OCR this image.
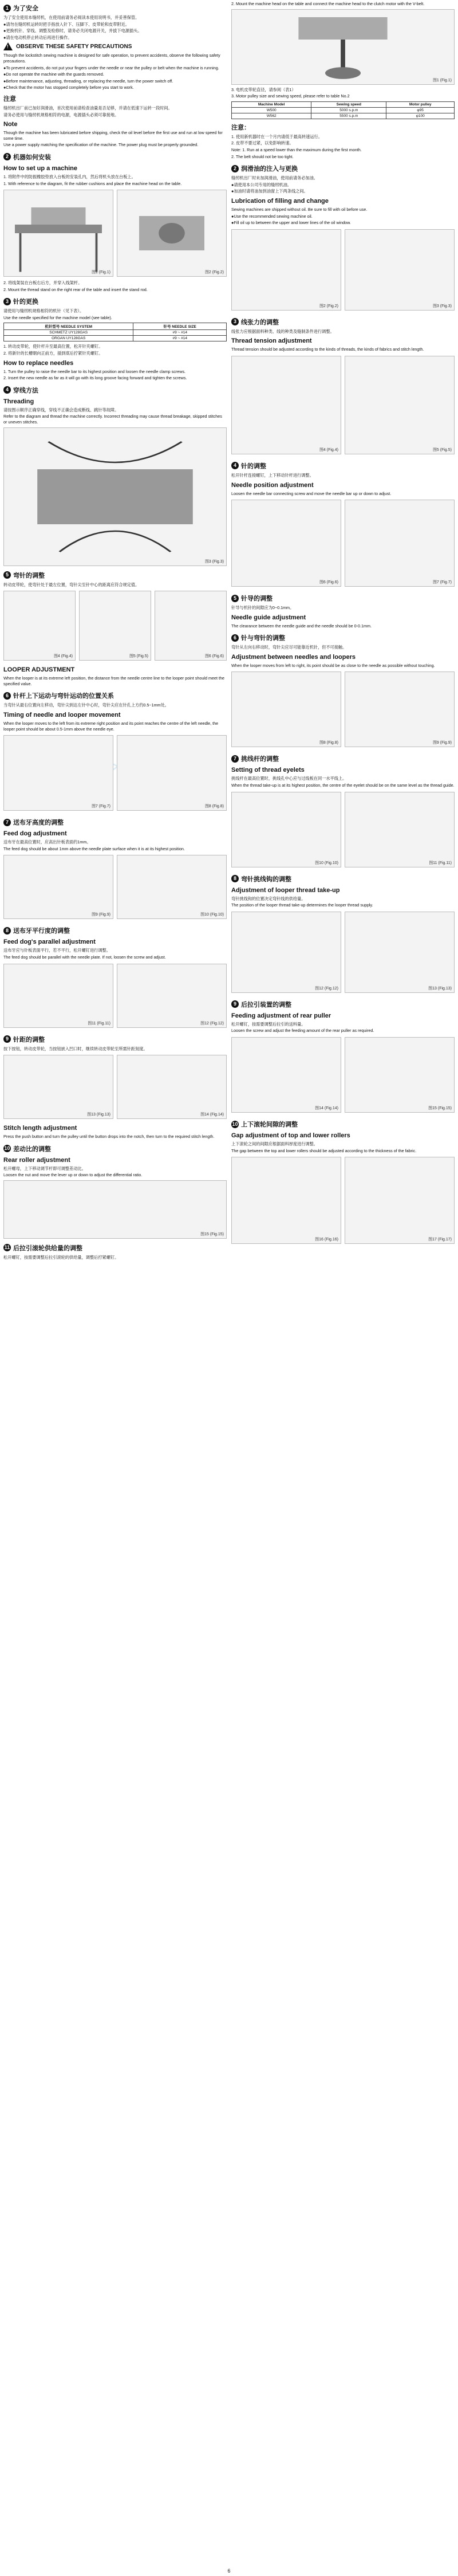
1 为了安全

为了安全使用本缝纫机，在使用前请务必阅读本使用说明书，并妥善保管。

●请勿在缝纫机运转时把手指放入针下、压脚下、皮带轮和皮带附近。

●更换机针、穿线、调整及检修时，请务必关闭电源开关，并拔下电源插头。

●请在电动机停止转动后再进行操作。

! OBSERVE THESE SAFETY PRECAUTIONS

Though the lockstitch sewing machine is designed for safe operation, to prevent accidents, observe the following safety precautions.

●To prevent accidents, do not put your fingers under the needle or near the pulley or belt when the machine is running.

●Do not operate the machine with the guards removed.

●Before maintenance, adjusting, threading, or replacing the needle, turn the power switch off.

●Check that the motor has stopped completely before you start to work.

注意

缝纫机出厂前已加好润滑油，首次使用前请检查油量是否足够，并请在低速下运转一段时间。

请务必使用与缝纫机规格相符的电源，电源插头必须可靠接地。

Note

Though the machine has been lubricated before shipping, check the oil level before the first use and run at low speed for some time.

Use a power supply matching the specification of the machine. The power plug must be properly grounded.

2 机器如何安装
How to set up a machine

1. 将附件中的防振橡胶垫放入台板的安装孔内，然后将机头放在台板上。

1. With reference to the diagram, fit the rubber cushions and place the machine head on the table.

图1 (Fig.1)	图2 (Fig.2)

2. 将线架装在台板右后方，并穿入线架杆。

2. Mount the thread stand on the right rear of the table and insert the stand rod.

3 针的更换

请使用与缝纫机规格相符的机针（见下表）。

Use the needle specified for the machine model (see table).

机针型号 NEEDLE SYSTEM	针号 NEEDLE SIZE
SCHMETZ UY128GAS	#9 ~ #14
ORGAN UY128GAS	#9 ~ #14

1. 转动皮带轮，使针杆升至最高位置，松开针夹螺钉。

2. 将新针的长槽朝向正前方，插到底后拧紧针夹螺钉。

How to replace needles

1. Turn the pulley to raise the needle bar to its highest position and loosen the needle clamp screws.

2. Insert the new needle as far as it will go with its long groove facing forward and tighten the screws.

4 穿线方法
Threading

请按图示顺序正确穿线，穿线不正确会造成断线、跳针等故障。

Refer to the diagram and thread the machine correctly. Incorrect threading may cause thread breakage, skipped stitches or uneven stitches.

图3 (Fig.3)
5 弯针的调整

转动皮带轮，使弯针处于最左位置，弯针尖至针中心的距离应符合规定值。

图4 (Fig.4)	图5 (Fig.5)	图6 (Fig.6)
LOOPER ADJUSTMENT

When the looper is at its extreme left position, the distance from the needle centre line to the looper point should meet the specified value.

6 针杆上下运动与弯针运动的位置关系

当弯针从最右位置向左移动，弯针尖到达左针中心时，弯针尖应在针孔上方约0.5~1mm处。

Timing of needle and looper movement

When the looper moves to the left from its extreme right position and its point reaches the centre of the left needle, the looper point should be about 0.5-1mm above the needle eye.

图7 (Fig.7)	图8 (Fig.8)
7 送布牙高度的调整
Feed dog adjustment

送布牙在最高位置时，应高出针板表面约1mm。

The feed dog should be about 1mm above the needle plate surface when it is at its highest position.

图9 (Fig.9)	图10 (Fig.10)
8 送布牙平行度的调整
Feed dog's parallel adjustment

送布牙应与针板表面平行，若不平行，松开螺钉进行调整。

The feed dog should be parallel with the needle plate. If not, loosen the screw and adjust.

图11 (Fig.11)	图12 (Fig.12)
9 针距的调整

按下按钮，转动皮带轮，当按钮嵌入凹口时，继续转动皮带轮至所需针距刻度。

图13 (Fig.13)	图14 (Fig.14)
Stitch length adjustment

Press the push button and turn the pulley until the button drops into the notch, then turn to the required stitch length.

10 差动比的调整
Rear roller adjustment

松开螺母，上下移动调节杆即可调整差动比。

Loosen the nut and move the lever up or down to adjust the differential ratio.

图15 (Fig.15)
11 后拉引滚轮供给量的调整

松开螺钉，按需要调整后拉引滚轮的供给量，调整后拧紧螺钉。

2. Mount the machine head on the table and connect the machine head to the clutch motor with the V-belt.

图1 (Fig.1)

3. 电机皮带轮直径，请参阅（表1）

3. Motor pulley size and sewing speed, please refer to table No.2

Machine Model	Sewing speed	Motor pulley
W500	5000 s.p.m	φ95
W562	5500 s.p.m	φ100
注意：

1. 使用新机器时在一个月内请低于最高转速运行。

2. 皮带不要过紧，以免影响转速。

Note: 1. Run at a speed lower than the maximum during the first month.

2. The belt should not be too tight.

2 润滑油的注入与更换

缝纫机出厂时未加润滑油，使用前请务必加油。

●请使用本公司专用的缝纫机油。

●加油时请将油加到油窗上下两条线之间。

Lubrication of filling and change

Sewing machines are shipped without oil. Be sure to fill with oil before use.

●Use the recommended sewing machine oil.

●Fill oil up to between the upper and lower lines of the oil window.

图2 (Fig.2)	图3 (Fig.3)
3 线张力的调整

线张力应根据面料种类、线的种类及缝制条件进行调整。

Thread tension adjustment

Thread tension should be adjusted according to the kinds of threads, the kinds of fabrics and stitch length.

图4 (Fig.4)	图5 (Fig.5)
4 针的调整

松开针杆连接螺钉，上下移动针杆进行调整。

Needle position adjustment

Loosen the needle bar connecting screw and move the needle bar up or down to adjust.

图6 (Fig.6)	图7 (Fig.7)
5 针导的调整

针导与机针的间隙应为0~0.1mm。

Needle guide adjustment

The clearance between the needle guide and the needle should be 0-0.1mm.

6 针与弯针的调整

弯针从左向右移动时，弯针尖应尽可能靠近机针，但不可接触。

Adjustment between needles and loopers

When the looper moves from left to right, its point should be as close to the needle as possible without touching.

图8 (Fig.8)	图9 (Fig.9)
7 挑线杆的调整
Setting of thread eyelets

挑线杆在最高位置时，挑线孔中心应与过线板在同一水平线上。

When the thread take-up is at its highest position, the centre of the eyelet should be on the same level as the thread guide.

图10 (Fig.10)	图11 (Fig.11)
8 弯针挑线钩的调整
Adjustment of looper thread take-up

弯针挑线钩的位置决定弯针线的供给量。

The position of the looper thread take-up determines the looper thread supply.

图12 (Fig.12)	图13 (Fig.13)
9 后拉引装置的调整
Feeding adjustment of rear puller

松开螺钉，按需要调整后拉引的送料量。

Loosen the screw and adjust the feeding amount of the rear puller as required.

图14 (Fig.14)	图15 (Fig.15)
10 上下滚轮间隙的调整
Gap adjustment of top and lower rollers

上下滚轮之间的间隙应根据面料厚度进行调整。

The gap between the top and lower rollers should be adjusted according to the thickness of the fabric.

图16 (Fig.16)	图17 (Fig.17)
6
